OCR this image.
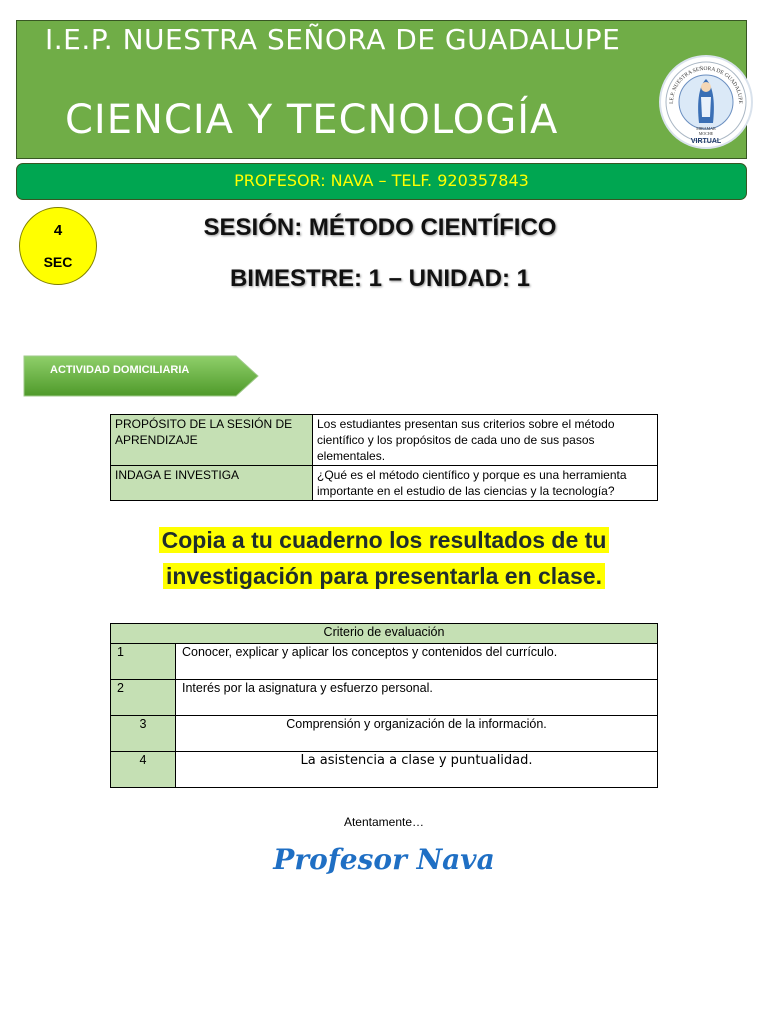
I.E.P. NUESTRA SEÑORA DE GUADALUPE
CIENCIA Y TECNOLOGÍA	I.E.P. NUESTRA SEÑORA DE GUADALUPE
MIRAMAR
MOCHE
VIRTUAL
PROFESOR: NAVA – TELF. 920357843
4
SEC
SESIÓN: MÉTODO CIENTÍFICO
BIMESTRE: 1 – UNIDAD: 1
ACTIVIDAD DOMICILIARIA
PROPÓSITO DE LA SESIÓN DE APRENDIZAJE	Los estudiantes presentan sus criterios sobre el método científico y los propósitos de cada uno de sus pasos elementales.
INDAGA E INVESTIGA	¿Qué es el método científico y porque es una herramienta importante en el estudio de las ciencias y la tecnología?
Copia a tu cuaderno los resultados de tu
investigación para presentarla en clase.
Criterio de evaluación	
1	Conocer, explicar y aplicar los conceptos y contenidos del currículo.
2	Interés por la asignatura y esfuerzo personal.
3	Comprensión y organización de la información.
4	La asistencia a clase y puntualidad.
Atentamente…
Profesor Nava
